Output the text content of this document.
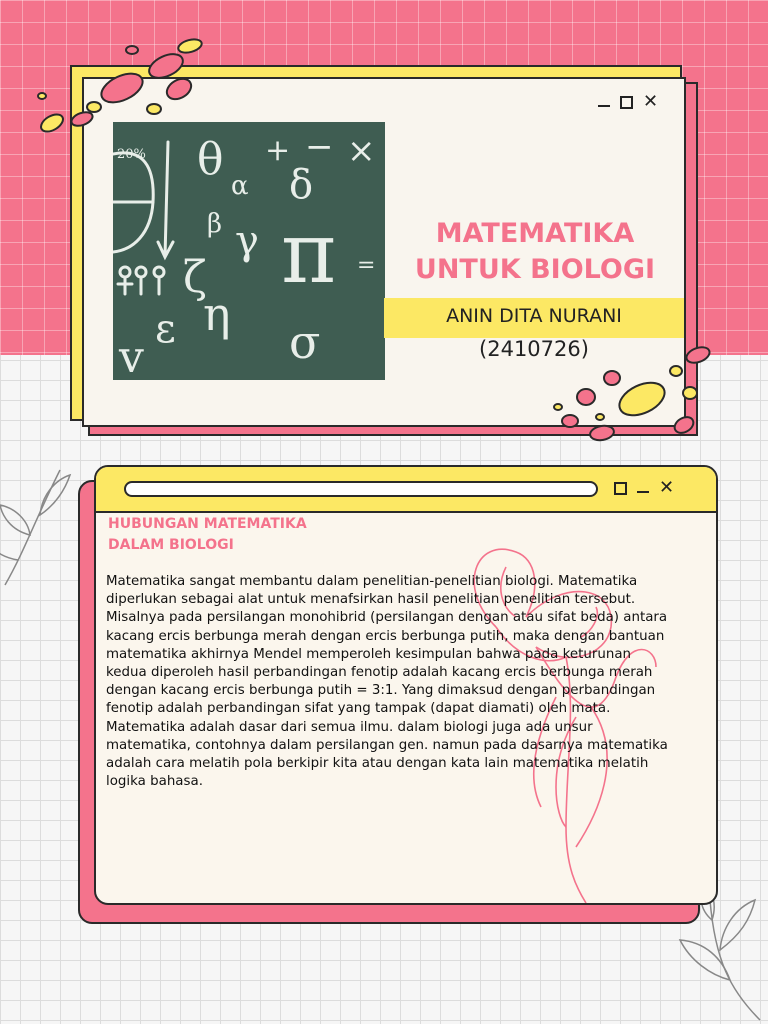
✕
20% θ + − ×
α δ
β γ π =
ζ
η
ε σ
v
MATEMATIKA
UNTUK BIOLOGI
ANIN DITA NURANI
(2410726)
✕
HUBUNGAN MATEMATIKA
DALAM BIOLOGI
Matematika sangat membantu dalam penelitian-penelitian biologi. Matematika diperlukan sebagai alat untuk menafsirkan hasil penelitian penelitian tersebut. Misalnya pada persilangan monohibrid (persilangan dengan atau sifat beda) antara kacang ercis berbunga merah dengan ercis berbunga putih, maka dengan bantuan matematika akhirnya Mendel memperoleh kesimpulan bahwa pada keturunan kedua diperoleh hasil perbandingan fenotip adalah kacang ercis berbunga merah dengan kacang ercis berbunga putih = 3:1. Yang dimaksud dengan perbandingan fenotip adalah perbandingan sifat yang tampak (dapat diamati) oleh mata. Matematika adalah dasar dari semua ilmu. dalam biologi juga ada unsur matematika, contohnya dalam persilangan gen. namun pada dasarnya matematika adalah cara melatih pola berkipir kita atau dengan kata lain matematika melatih logika bahasa.
